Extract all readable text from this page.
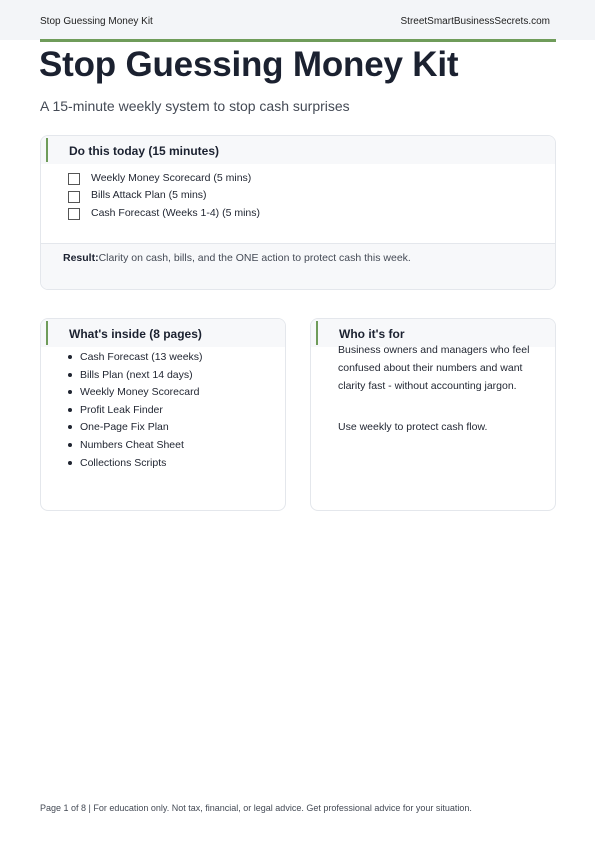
Stop Guessing Money Kit	StreetSmartBusinessSecrets.com
Stop Guessing Money Kit
A 15-minute weekly system to stop cash surprises
Do this today (15 minutes)
Weekly Money Scorecard (5 mins)
Bills Attack Plan (5 mins)
Cash Forecast (Weeks 1-4) (5 mins)
Result:Clarity on cash, bills, and the ONE action to protect cash this week.
What's inside (8 pages)
Cash Forecast (13 weeks)
Bills Plan (next 14 days)
Weekly Money Scorecard
Profit Leak Finder
One-Page Fix Plan
Numbers Cheat Sheet
Collections Scripts
Who it's for
Business owners and managers who feel confused about their numbers and want clarity fast - without accounting jargon.
Use weekly to protect cash flow.
Page 1 of 8 | For education only. Not tax, financial, or legal advice. Get professional advice for your situation.
